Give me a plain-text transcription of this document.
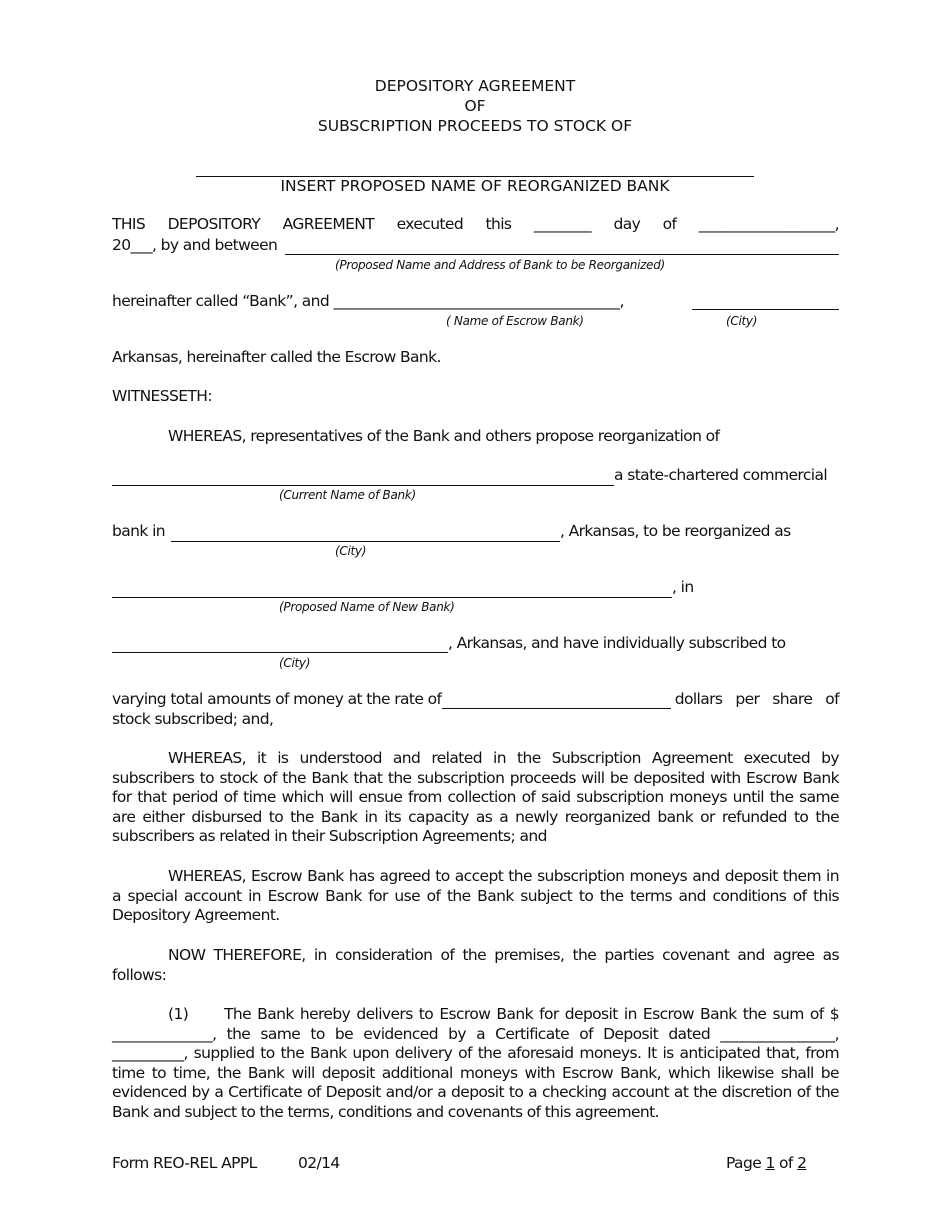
DEPOSITORY AGREEMENT
OF
SUBSCRIPTION PROCEEDS TO STOCK OF
INSERT PROPOSED NAME OF REORGANIZED BANK
THIS DEPOSITORY AGREEMENT executed this ________ day of ___________________,
20___, by and between
(Proposed Name and Address of Bank to be Reorganized)
hereinafter called “Bank”, and ________________________________________,
( Name of Escrow Bank)	(City)
Arkansas, hereinafter called the Escrow Bank.
WITNESSETH:
WHEREAS, representatives of the Bank and others propose reorganization of
a state-chartered commercial
(Current Name of Bank)
bank in	, Arkansas, to be reorganized as
(City)
, in
(Proposed Name of New Bank)
, Arkansas, and have individually subscribed to
(City)
varying total amounts of money at the rate of	dollars   per   share   of
stock subscribed; and,
WHEREAS, it is understood and related in the Subscription Agreement executed by subscribers to stock of the Bank that the subscription proceeds will be deposited with Escrow Bank for that period of time which will ensue from collection of said subscription moneys until the same are either disbursed to the Bank in its capacity as a newly reorganized bank or refunded to the subscribers as related in their Subscription Agreements; and
WHEREAS, Escrow Bank has agreed to accept the subscription moneys and deposit them in a special account in Escrow Bank for use of the Bank subject to the terms and conditions of this Depository Agreement.
NOW THEREFORE, in consideration of the premises, the parties covenant and agree as follows:
(1) The Bank hereby delivers to Escrow Bank for deposit in Escrow Bank the sum of $ ______________, the same to be evidenced by a Certificate of Deposit dated ________________, __________, supplied to the Bank upon delivery of the aforesaid moneys. It is anticipated that, from time to time, the Bank will deposit additional moneys with Escrow Bank, which likewise shall be evidenced by a Certificate of Deposit and/or a deposit to a checking account at the discretion of the Bank and subject to the terms, conditions and covenants of this agreement.
Form REO-REL APPL	02/14	Page 1 of 2
